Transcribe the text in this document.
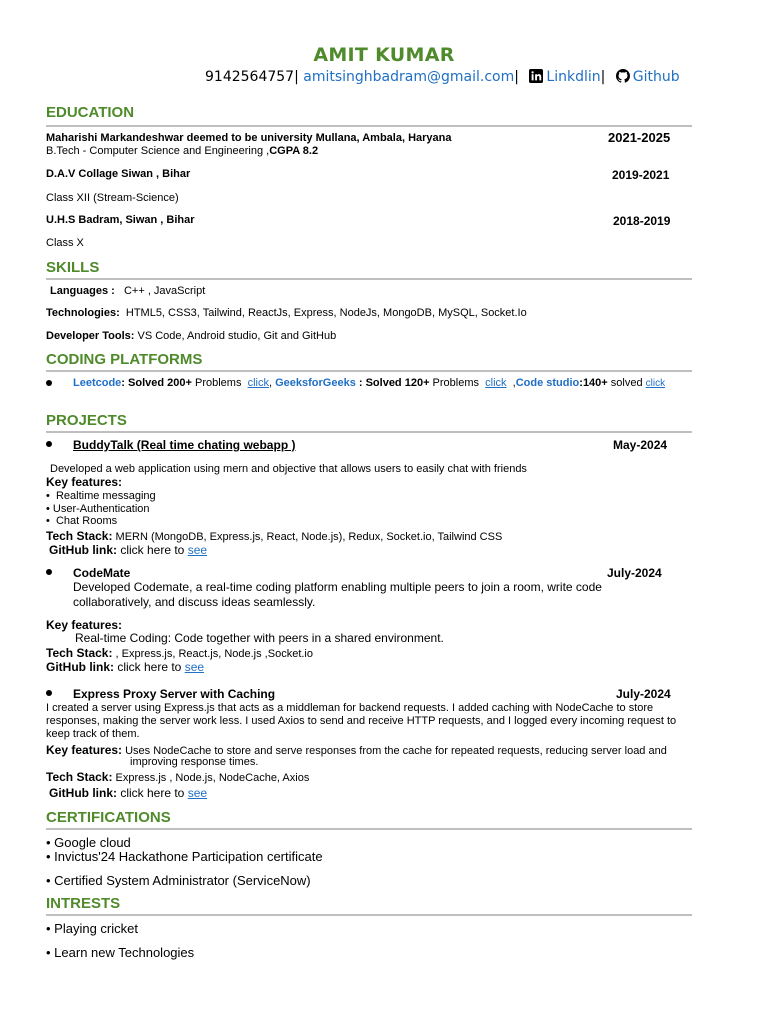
AMIT KUMAR
9142564757| amitsinghbadram@gmail.com| Linkdlin| Github
EDUCATION
Maharishi Markandeshwar deemed to be university Mullana, Ambala, Haryana	2021-2025
B.Tech - Computer Science and Engineering ,CGPA 8.2
D.A.V Collage Siwan , Bihar	2019-2021
Class XII (Stream-Science)
U.H.S Badram, Siwan , Bihar	2018-2019
Class X
SKILLS
Languages : C++ , JavaScript
Technologies: HTML5, CSS3, Tailwind, ReactJs, Express, NodeJs, MongoDB, MySQL, Socket.Io
Developer Tools: VS Code, Android studio, Git and GitHub
CODING PLATFORMS
Leetcode: Solved 200+ Problems click, GeeksforGeeks : Solved 120+ Problems click  ,Code studio:140+ solved click
PROJECTS
BuddyTalk (Real time chating webapp )	May-2024
Developed a web application using mern and objective that allows users to easily chat with friends
Key features:
•  Realtime messaging
• User-Authentication
•  Chat Rooms
Tech Stack: MERN (MongoDB, Express.js, React, Node.js), Redux, Socket.io, Tailwind CSS
GitHub link: click here to see
CodeMate	July-2024
Developed Codemate, a real-time coding platform enabling multiple peers to join a room, write code
collaboratively, and discuss ideas seamlessly.
Key features:
Real-time Coding: Code together with peers in a shared environment.
Tech Stack: , Express.js, React.js, Node.js ,Socket.io
GitHub link: click here to see
Express Proxy Server with Caching	July-2024
I created a server using Express.js that acts as a middleman for backend requests. I added caching with NodeCache to store
responses, making the server work less. I used Axios to send and receive HTTP requests, and I logged every incoming request to
keep track of them.
Key features: Uses NodeCache to store and serve responses from the cache for repeated requests, reducing server load and
improving response times.
Tech Stack: Express.js , Node.js, NodeCache, Axios
GitHub link: click here to see
CERTIFICATIONS
• Google cloud
• Invictus'24 Hackathone Participation certificate
• Certified System Administrator (ServiceNow)
INTRESTS
• Playing cricket
• Learn new Technologies
